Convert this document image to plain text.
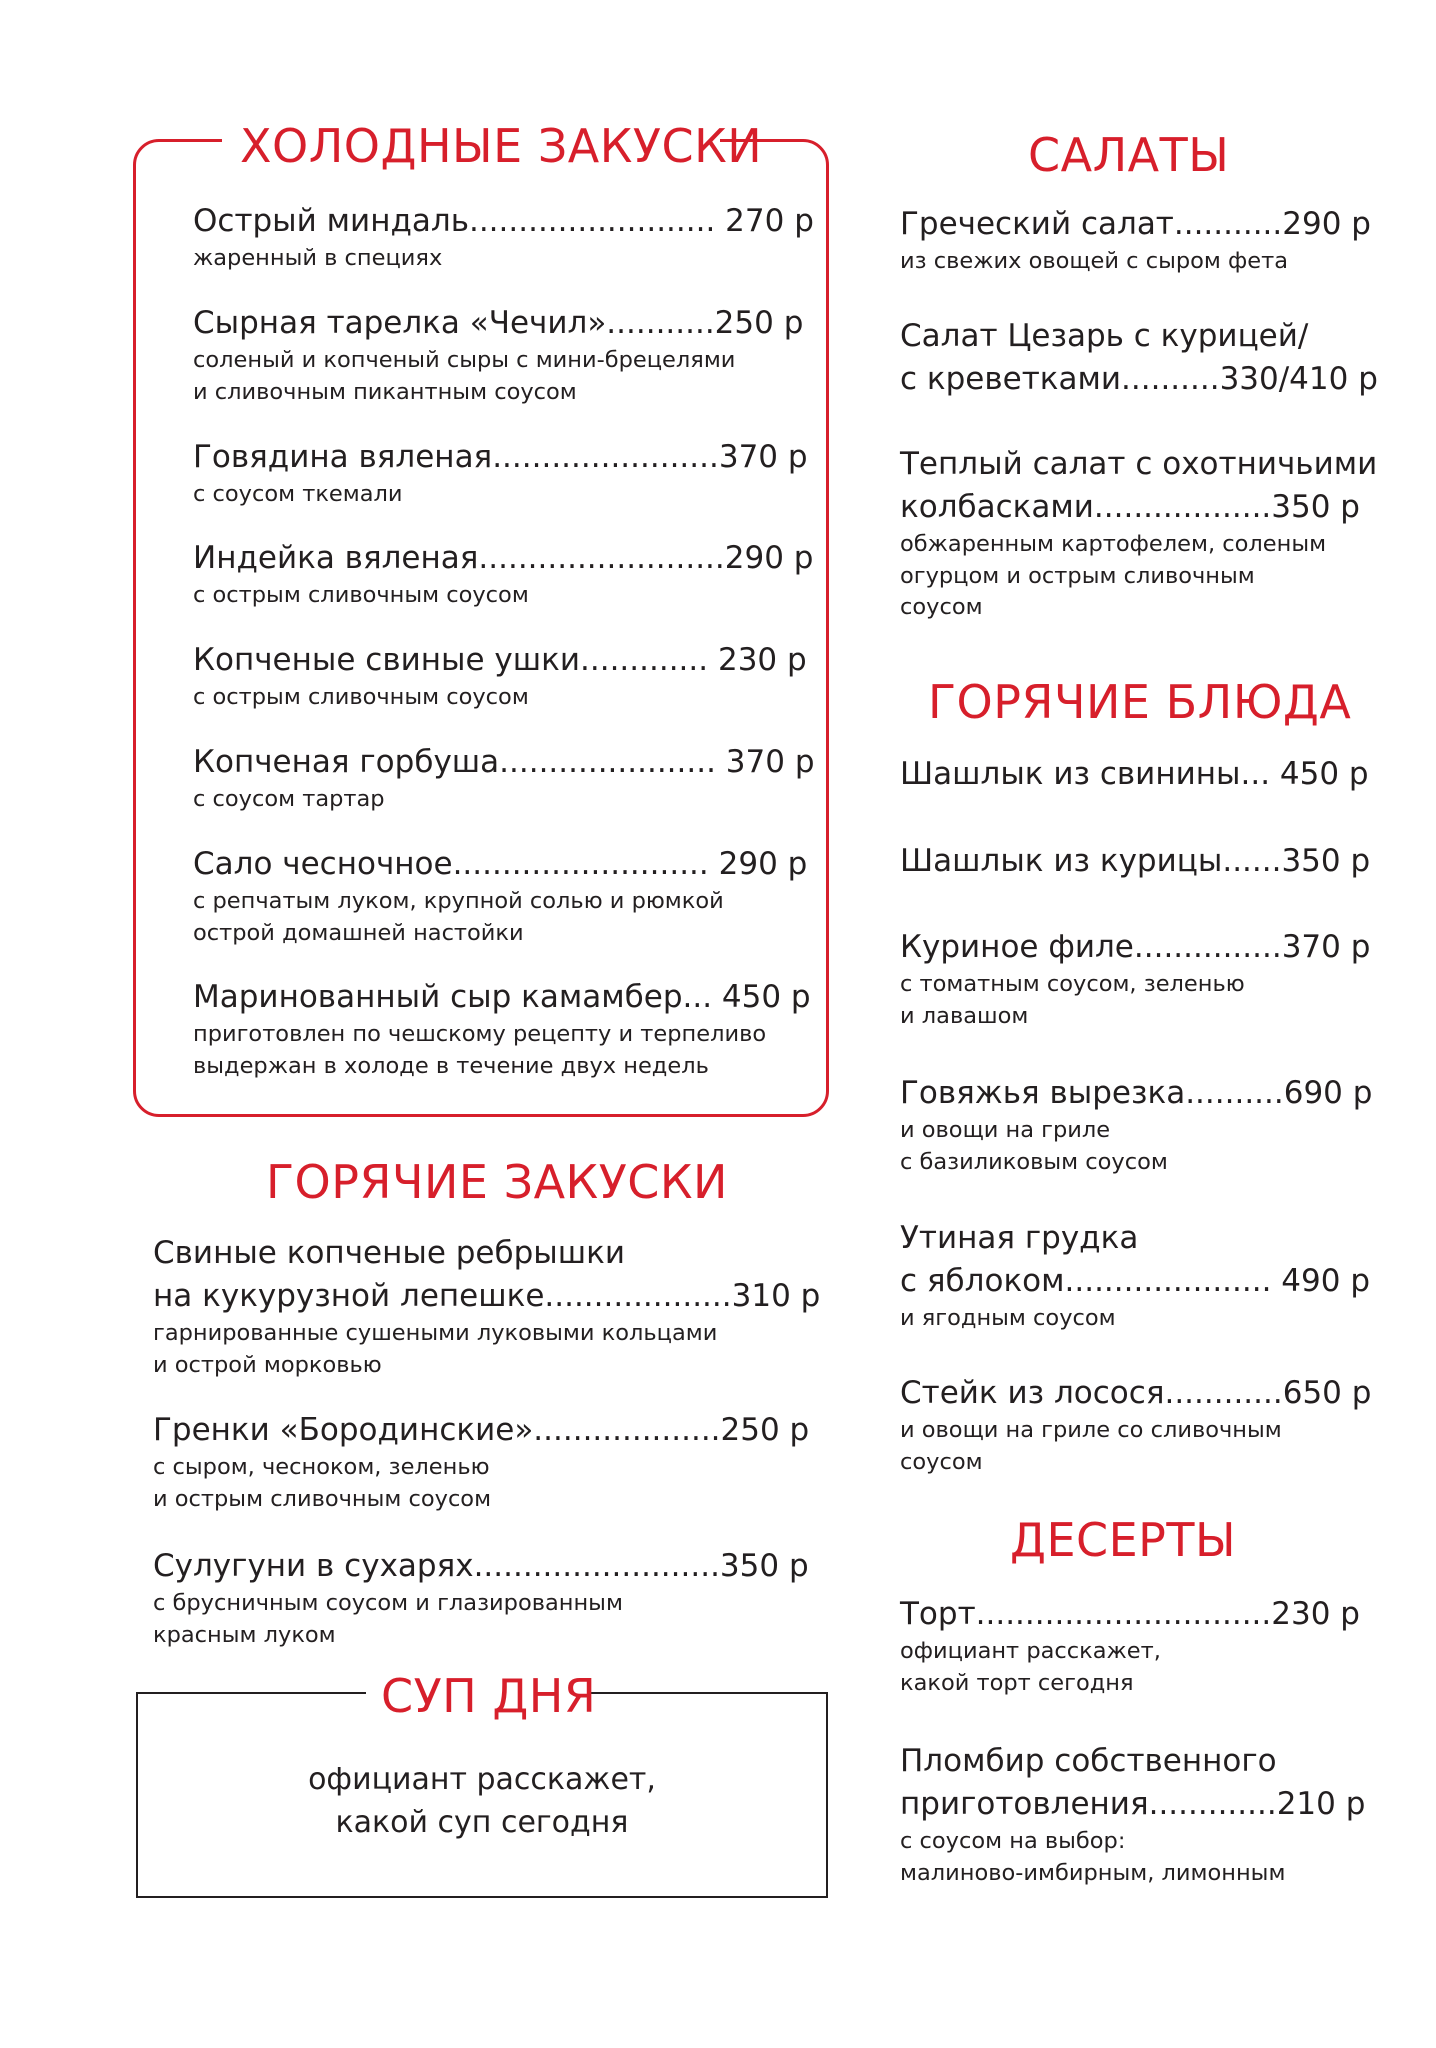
ХОЛОДНЫЕ ЗАКУСКИ
Острый миндаль......................... 270 р
жаренный в специях
Сырная тарелка «Чечил»...........250 р
соленый и копченый сыры с мини-брецелями
и сливочным пикантным соусом
Говядина вяленая.......................370 р
с соусом ткемали
Индейка вяленая.........................290 р
с острым сливочным соусом
Копченые свиные ушки............. 230 р
с острым сливочным соусом
Копченая горбуша...................... 370 р
с соусом тартар
Сало чесночное.......................... 290 р
с репчатым луком, крупной солью и рюмкой
острой домашней настойки
Маринованный сыр камамбер... 450 р
приготовлен по чешскому рецепту и терпеливо
выдержан в холоде в течение двух недель
ГОРЯЧИЕ ЗАКУСКИ
Свиные копченые ребрышки
на кукурузной лепешке...................310 р
гарнированные сушеными луковыми кольцами
и острой морковью
Гренки «Бородинские»...................250 р
с сыром, чесноком, зеленью
и острым сливочным соусом
Сулугуни в сухарях.........................350 р
с брусничным соусом и глазированным
красным луком
СУП ДНЯ
официант расскажет,
какой суп сегодня
САЛАТЫ
Греческий салат...........290 р
из свежих овощей с сыром фета
Салат Цезарь с курицей/
с креветками..........330/410 р
Теплый салат с охотничьими
колбасками..................350 р
обжаренным картофелем, соленым
огурцом и острым сливочным
соусом
ГОРЯЧИЕ БЛЮДА
Шашлык из свинины... 450 р
Шашлык из курицы......350 р
Куриное филе...............370 р
с томатным соусом, зеленью
и лавашом
Говяжья вырезка..........690 р
и овощи на гриле
с базиликовым соусом
Утиная грудка
с яблоком..................... 490 р
и ягодным соусом
Стейк из лосося............650 р
и овощи на гриле со сливочным
соусом
ДЕСЕРТЫ
Торт..............................230 р
официант расскажет,
какой торт сегодня
Пломбир собственного
приготовления.............210 р
с соусом на выбор:
малиново-имбирным, лимонным
